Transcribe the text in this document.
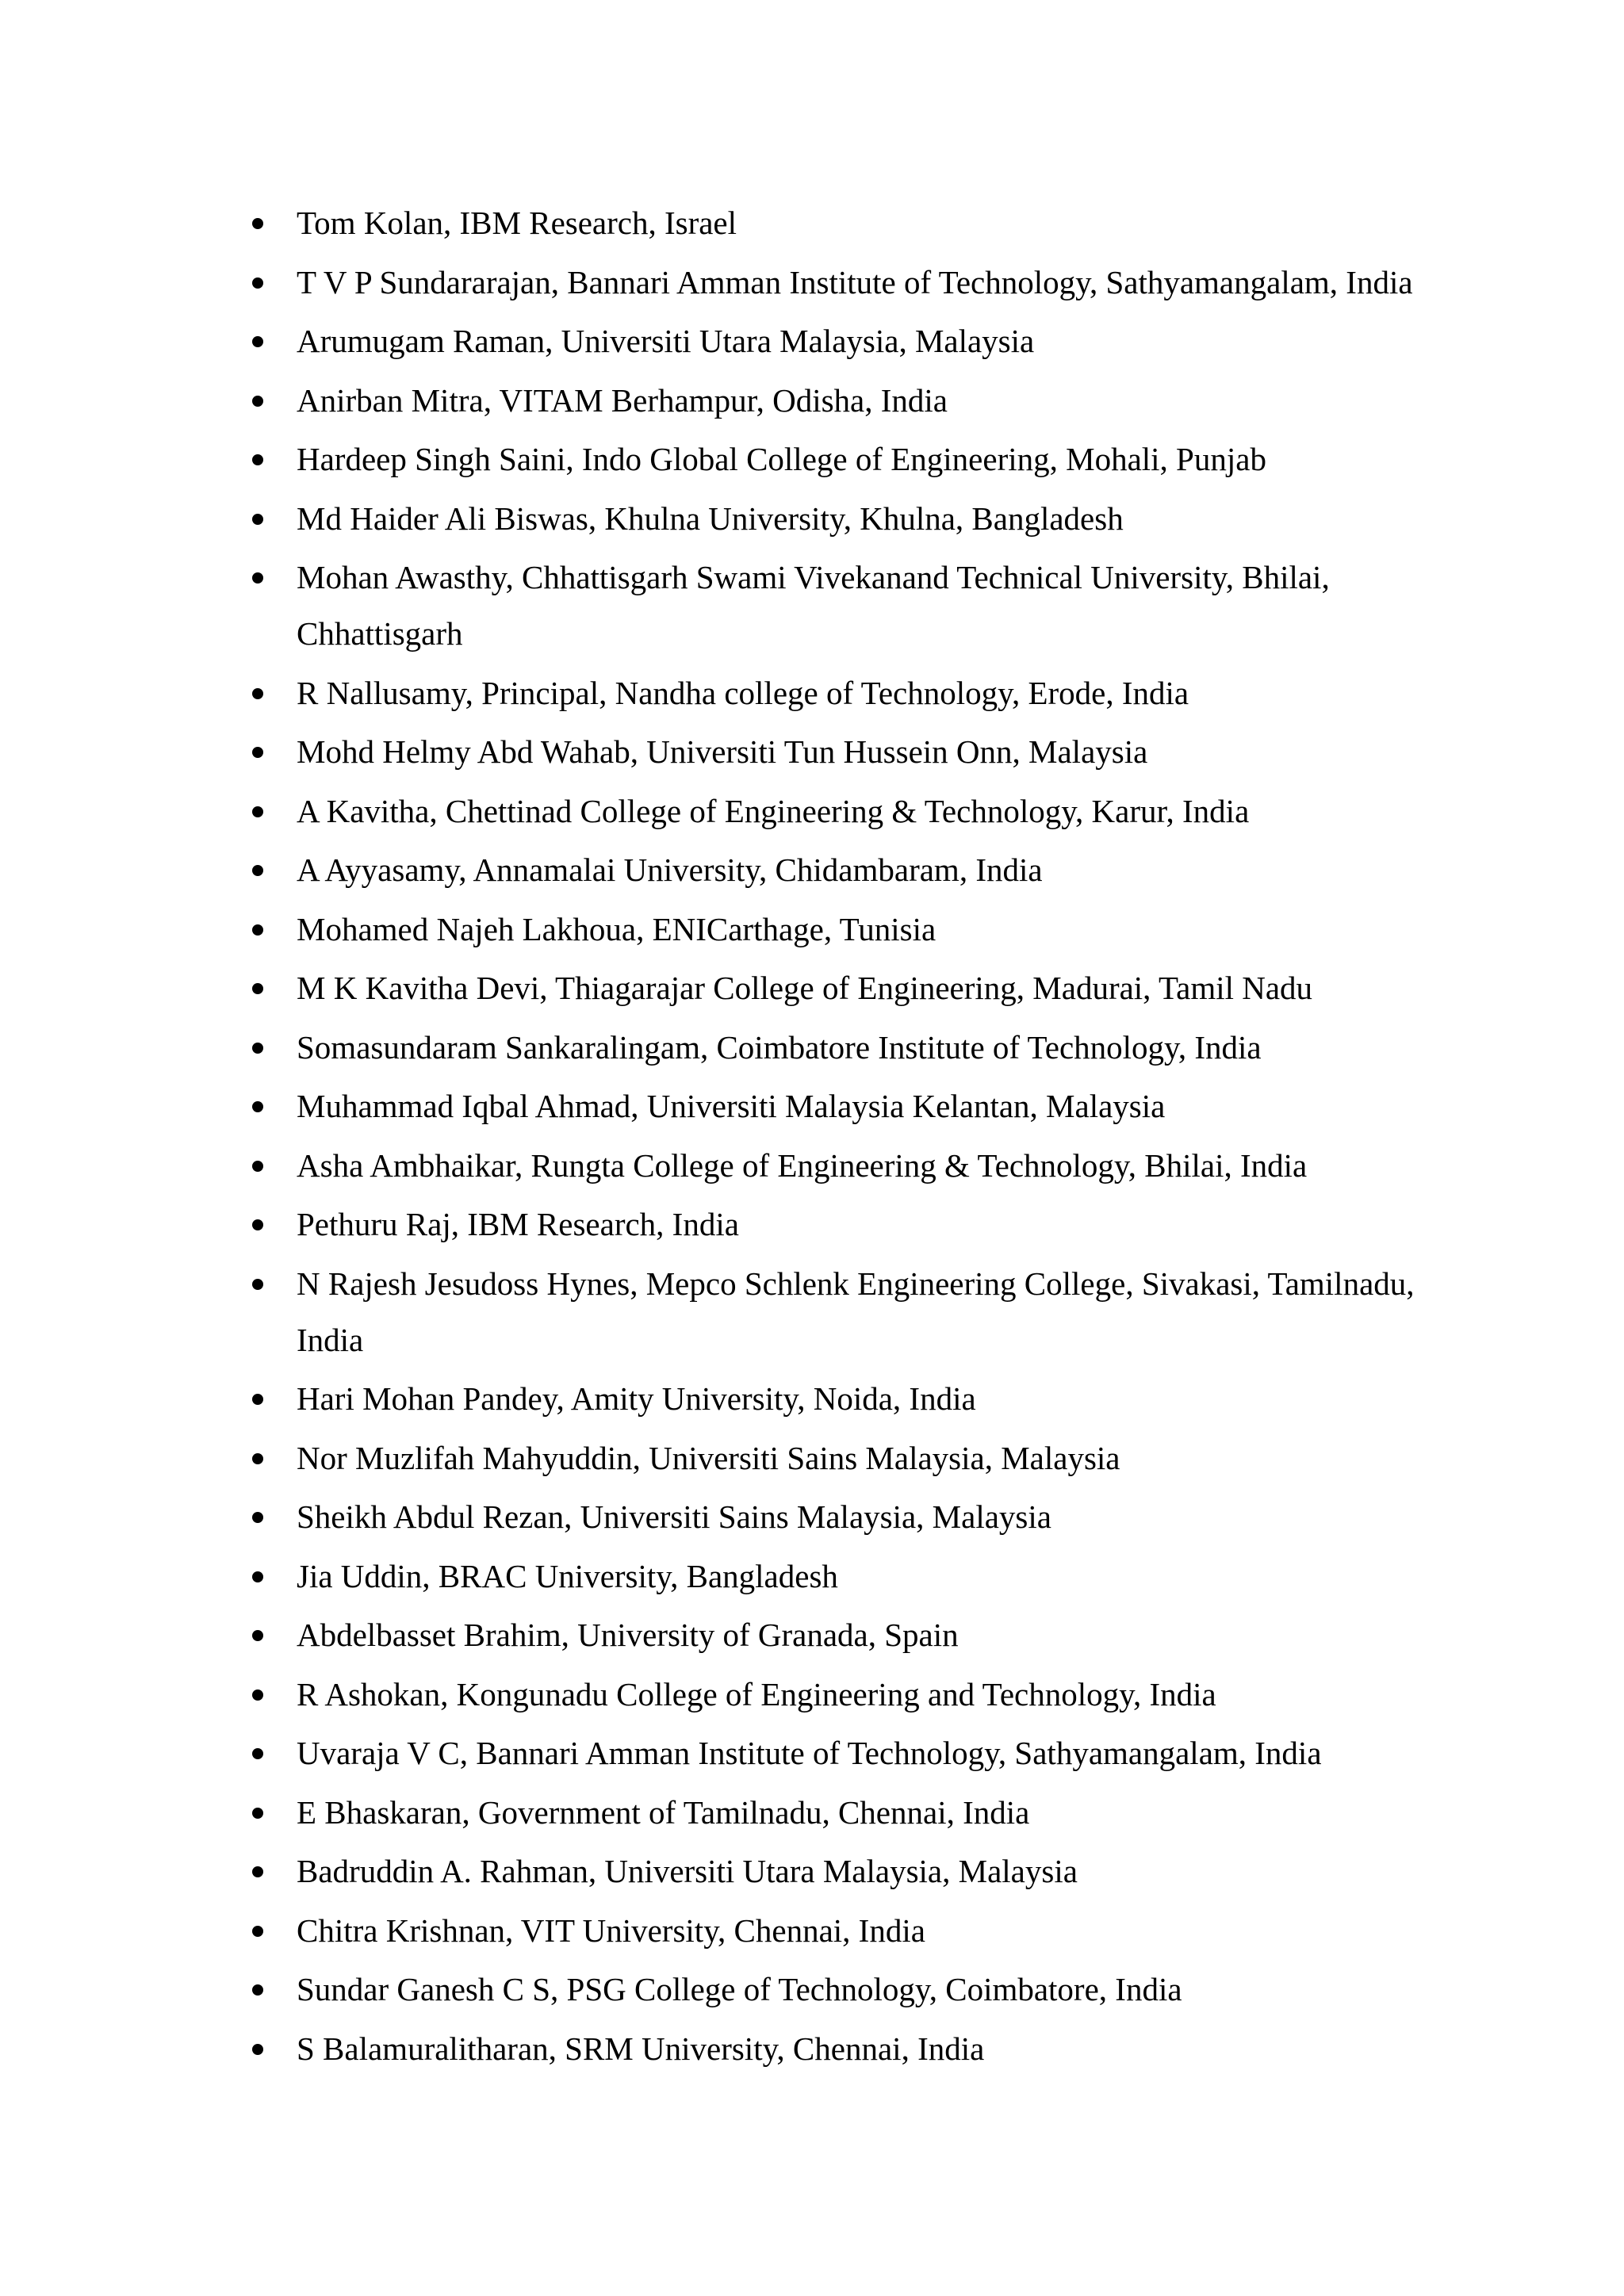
Tom Kolan, IBM Research, Israel
T V P Sundararajan, Bannari Amman Institute of Technology, Sathyamangalam, India
Arumugam Raman, Universiti Utara Malaysia, Malaysia
Anirban Mitra, VITAM Berhampur, Odisha, India
Hardeep Singh Saini, Indo Global College of Engineering, Mohali, Punjab
Md Haider Ali Biswas, Khulna University, Khulna, Bangladesh
Mohan Awasthy, Chhattisgarh Swami Vivekanand Technical University, Bhilai, Chhattisgarh
R Nallusamy, Principal, Nandha college of Technology, Erode, India
Mohd Helmy Abd Wahab, Universiti Tun Hussein Onn, Malaysia
A Kavitha, Chettinad College of Engineering & Technology, Karur, India
A Ayyasamy, Annamalai University, Chidambaram, India
Mohamed Najeh Lakhoua, ENICarthage, Tunisia
M K Kavitha Devi, Thiagarajar College of Engineering, Madurai, Tamil Nadu
Somasundaram Sankaralingam, Coimbatore Institute of Technology, India
Muhammad Iqbal Ahmad, Universiti Malaysia Kelantan, Malaysia
Asha Ambhaikar, Rungta College of Engineering & Technology, Bhilai, India
Pethuru Raj, IBM Research, India
N Rajesh Jesudoss Hynes, Mepco Schlenk Engineering College, Sivakasi, Tamilnadu, India
Hari Mohan Pandey, Amity University, Noida, India
Nor Muzlifah Mahyuddin, Universiti Sains Malaysia, Malaysia
Sheikh Abdul Rezan, Universiti Sains Malaysia, Malaysia
Jia Uddin, BRAC University, Bangladesh
Abdelbasset Brahim, University of Granada, Spain
R Ashokan, Kongunadu College of Engineering and Technology, India
Uvaraja V C, Bannari Amman Institute of Technology, Sathyamangalam, India
E Bhaskaran, Government of Tamilnadu, Chennai, India
Badruddin A. Rahman, Universiti Utara Malaysia, Malaysia
Chitra Krishnan, VIT University, Chennai, India
Sundar Ganesh C S, PSG College of Technology, Coimbatore, India
S Balamuralitharan, SRM University, Chennai, India
